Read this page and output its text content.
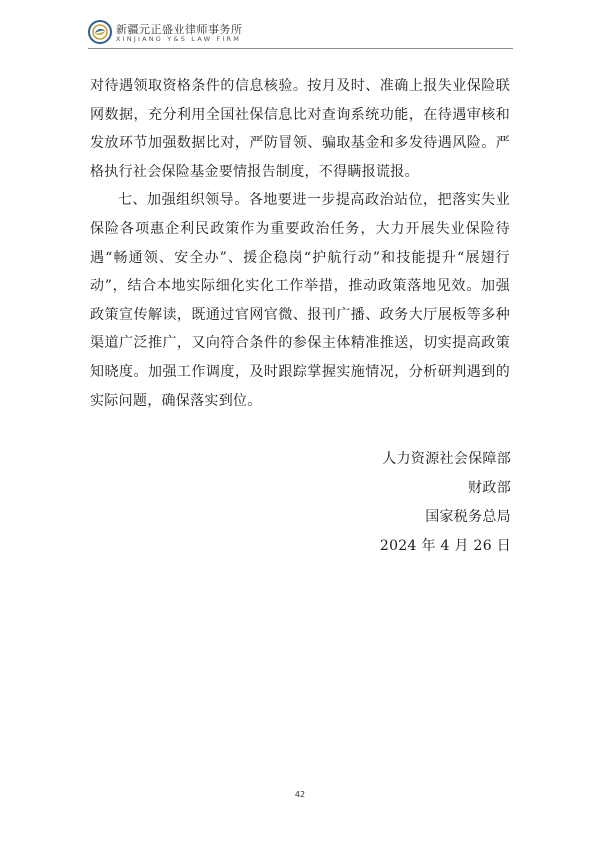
新疆元正盛业律师事务所
XINJIANG Y&S LAW FIRM

对待遇领取资格条件的信息核验。按月及时、准确上报失业保险联网数据，充分利用全国社保信息比对查询系统功能，在待遇审核和发放环节加强数据比对，严防冒领、骗取基金和多发待遇风险。严格执行社会保险基金要情报告制度，不得瞒报谎报。

七、加强组织领导。各地要进一步提高政治站位，把落实失业保险各项惠企利民政策作为重要政治任务，大力开展失业保险待遇“畅通领、安全办”、援企稳岗“护航行动”和技能提升“展翅行动”，结合本地实际细化实化工作举措，推动政策落地见效。加强政策宣传解读，既通过官网官微、报刊广播、政务大厅展板等多种渠道广泛推广，又向符合条件的参保主体精准推送，切实提高政策知晓度。加强工作调度，及时跟踪掌握实施情况，分析研判遇到的实际问题，确保落实到位。

人力资源社会保障部
财政部
国家税务总局
2024 年 4 月 26 日
42
